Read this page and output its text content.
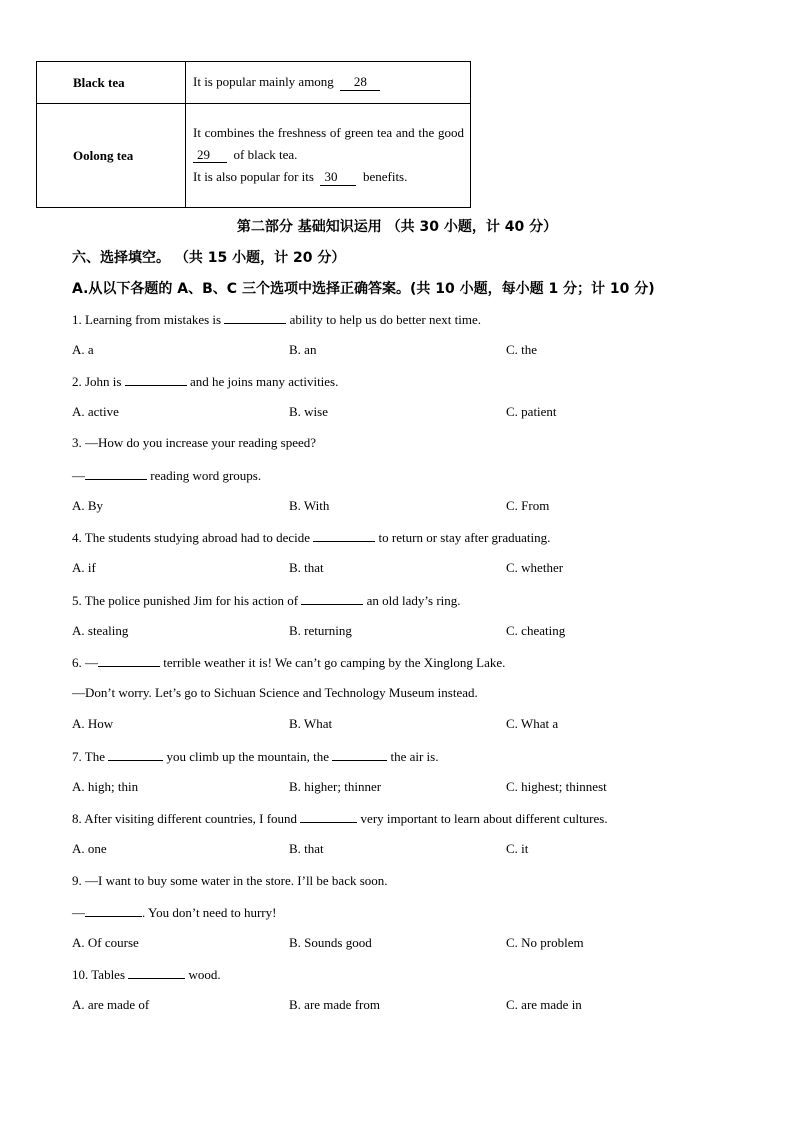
Black tea	It is popular mainly among 28
Oolong tea	It combines the freshness of green tea and the good
29 of black tea.
It is also popular for its 30 benefits.
第二部分 基础知识运用 （共 30 小题，计 40 分）
六、选择填空。 （共 15 小题，计 20 分）
A.从以下各题的 A、B、C 三个选项中选择正确答案。(共 10 小题，每小题 1 分；计 10 分)
1. Learning from mistakes is	ability to help us do better next time.
A. a	B. an	C. the
2. John is	and he joins many activities.
A. active	B. wise	C. patient
3. —How do you increase your reading speed?
—	reading word groups.
A. By	B. With	C. From
4. The students studying abroad had to decide	to return or stay after graduating.
A. if	B. that	C. whether
5. The police punished Jim for his action of	an old lady’s ring.
A. stealing	B. returning	C. cheating
6. —	terrible weather it is! We can’t go camping by the Xinglong Lake.
—Don’t worry. Let’s go to Sichuan Science and Technology Museum instead.
A. How	B. What	C. What a
7. The	you climb up the mountain, the	the air is.
A. high; thin	B. higher; thinner	C. highest; thinnest
8. After visiting different countries, I found	very important to learn about different cultures.
A. one	B. that	C. it
9. —I want to buy some water in the store. I’ll be back soon.
—	. You don’t need to hurry!
A. Of course	B. Sounds good	C. No problem
10. Tables	wood.
A. are made of	B. are made from	C. are made in
